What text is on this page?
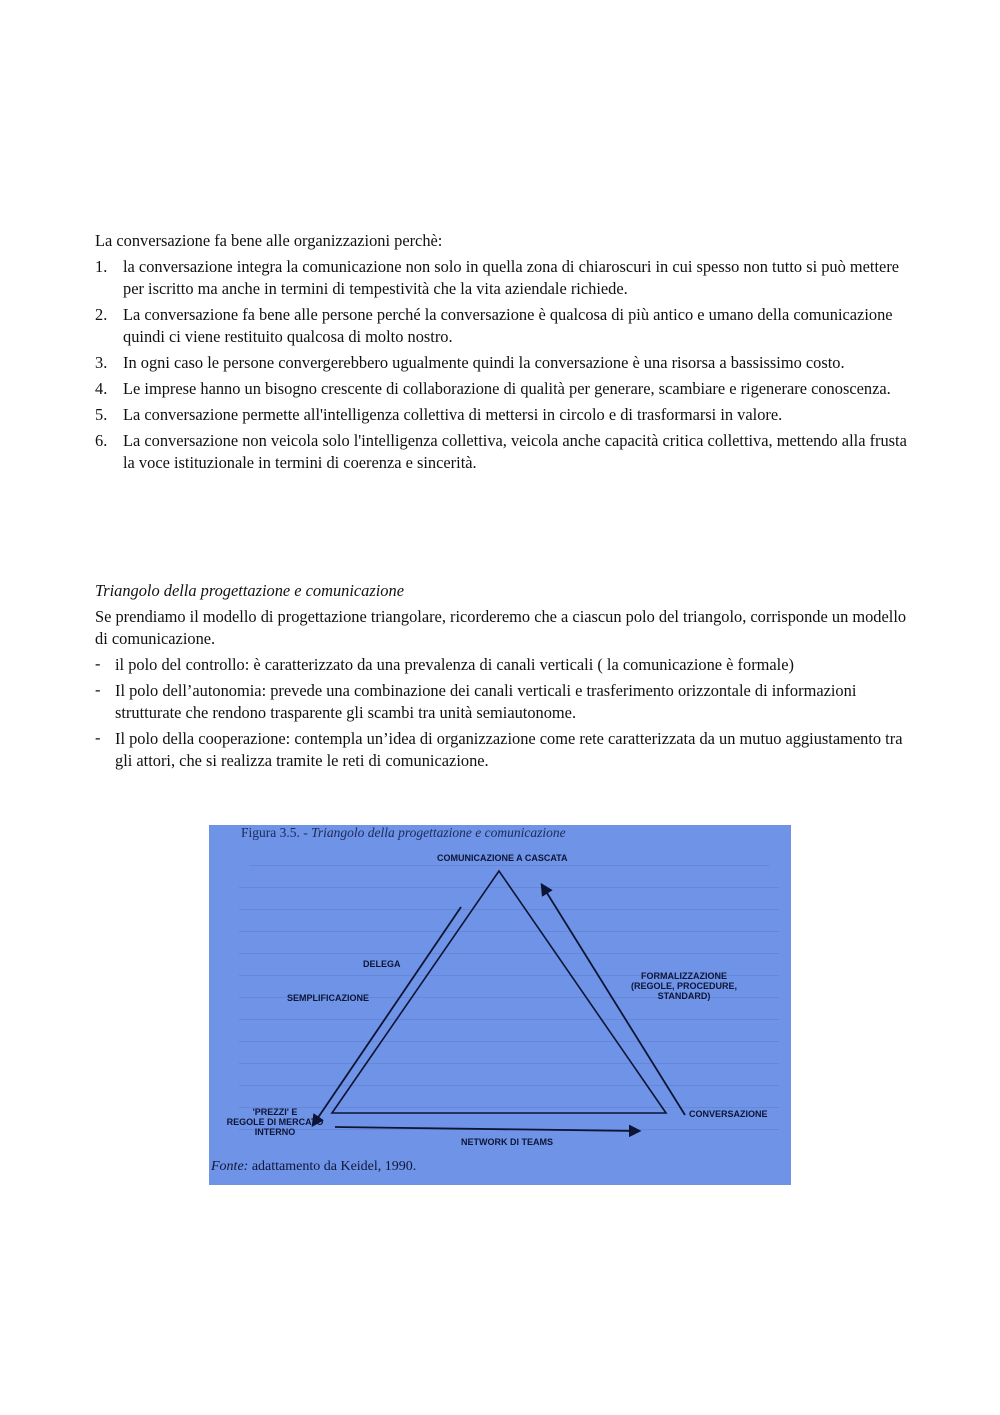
La conversazione fa bene alle organizzazioni perchè:

1. la conversazione integra la comunicazione non solo in quella zona di chiaroscuri in cui spesso non tutto si può mettere per iscritto ma anche in termini di tempestività che la vita aziendale richiede.
2. La conversazione fa bene alle persone perché la conversazione è qualcosa di più antico e umano della comunicazione quindi ci viene restituito qualcosa di molto nostro.
3. In ogni caso le persone convergerebbero ugualmente quindi la conversazione è una risorsa a bassissimo costo.
4. Le imprese hanno un bisogno crescente di collaborazione di qualità per generare, scambiare e rigenerare conoscenza.
5. La conversazione permette all'intelligenza collettiva di mettersi in circolo e di trasformarsi in valore.
6. La conversazione non veicola solo l'intelligenza collettiva, veicola anche capacità critica collettiva, mettendo alla frusta la voce istituzionale in termini di coerenza e sincerità.

Triangolo della progettazione e comunicazione

Se prendiamo il modello di progettazione triangolare, ricorderemo che a ciascun polo del triangolo, corrisponde un modello di comunicazione.

- il polo del controllo: è caratterizzato da una prevalenza di canali verticali ( la comunicazione è formale)
- Il polo dell’autonomia: prevede una combinazione dei canali verticali e trasferimento orizzontale di informazioni strutturate che rendono trasparente gli scambi tra unità semiautonome.
- Il polo della cooperazione: contempla un’idea di organizzazione come rete caratterizzata da un mutuo aggiustamento tra gli attori, che si realizza tramite le reti di comunicazione.
Figura 3.5. - Triangolo della progettazione e comunicazione
COMUNICAZIONE A CASCATA
DELEGA
SEMPLIFICAZIONE
FORMALIZZAZIONE
(REGOLE, PROCEDURE,
STANDARD)
'PREZZI' E
REGOLE DI MERCATO
INTERNO
CONVERSAZIONE
NETWORK DI TEAMS
Fonte: adattamento da Keidel, 1990.
